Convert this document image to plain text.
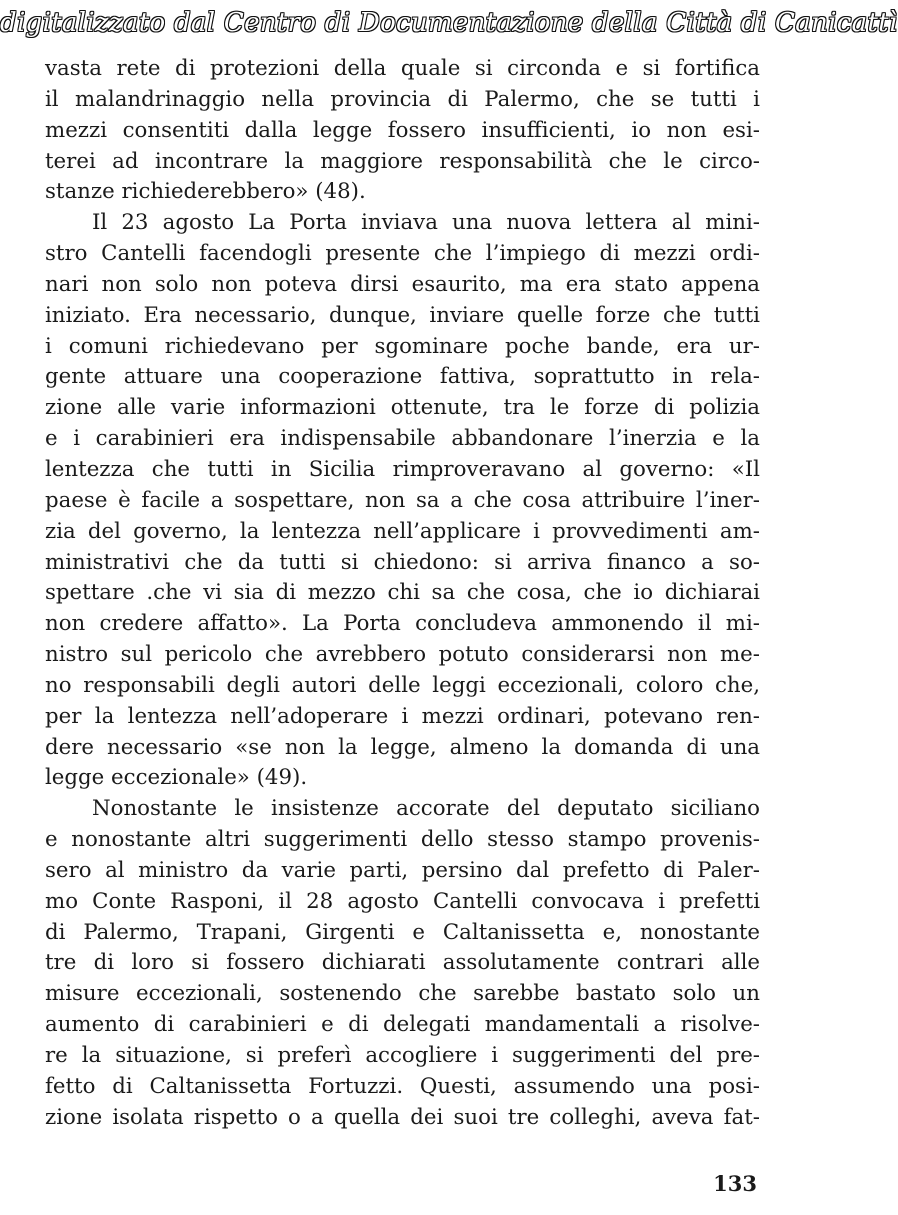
digitalizzato dal Centro di Documentazione della Città di Canicattì
vasta rete di protezioni della quale si circonda e si fortifica
il malandrinaggio nella provincia di Palermo, che se tutti i
mezzi consentiti dalla legge fossero insufficienti, io non esi-
terei ad incontrare la maggiore responsabilità che le circo-
stanze richiederebbero» (48).
Il 23 agosto La Porta inviava una nuova lettera al mini-
stro Cantelli facendogli presente che l’impiego di mezzi ordi-
nari non solo non poteva dirsi esaurito, ma era stato appena
iniziato. Era necessario, dunque, inviare quelle forze che tutti
i comuni richiedevano per sgominare poche bande, era ur-
gente attuare una cooperazione fattiva, soprattutto in rela-
zione alle varie informazioni ottenute, tra le forze di polizia
e i carabinieri era indispensabile abbandonare l’inerzia e la
lentezza che tutti in Sicilia rimproveravano al governo: «Il
paese è facile a sospettare, non sa a che cosa attribuire l’iner-
zia del governo, la lentezza nell’applicare i provvedimenti am-
ministrativi che da tutti si chiedono: si arriva financo a so-
spettare .che vi sia di mezzo chi sa che cosa, che io dichiarai
non credere affatto». La Porta concludeva ammonendo il mi-
nistro sul pericolo che avrebbero potuto considerarsi non me-
no responsabili degli autori delle leggi eccezionali, coloro che,
per la lentezza nell’adoperare i mezzi ordinari, potevano ren-
dere necessario «se non la legge, almeno la domanda di una
legge eccezionale» (49).
Nonostante le insistenze accorate del deputato siciliano
e nonostante altri suggerimenti dello stesso stampo provenis-
sero al ministro da varie parti, persino dal prefetto di Paler-
mo Conte Rasponi, il 28 agosto Cantelli convocava i prefetti
di Palermo, Trapani, Girgenti e Caltanissetta e, nonostante
tre di loro si fossero dichiarati assolutamente contrari alle
misure eccezionali, sostenendo che sarebbe bastato solo un
aumento di carabinieri e di delegati mandamentali a risolve-
re la situazione, si preferì accogliere i suggerimenti del pre-
fetto di Caltanissetta Fortuzzi. Questi, assumendo una posi-
zione isolata rispetto o a quella dei suoi tre colleghi, aveva fat-
133
